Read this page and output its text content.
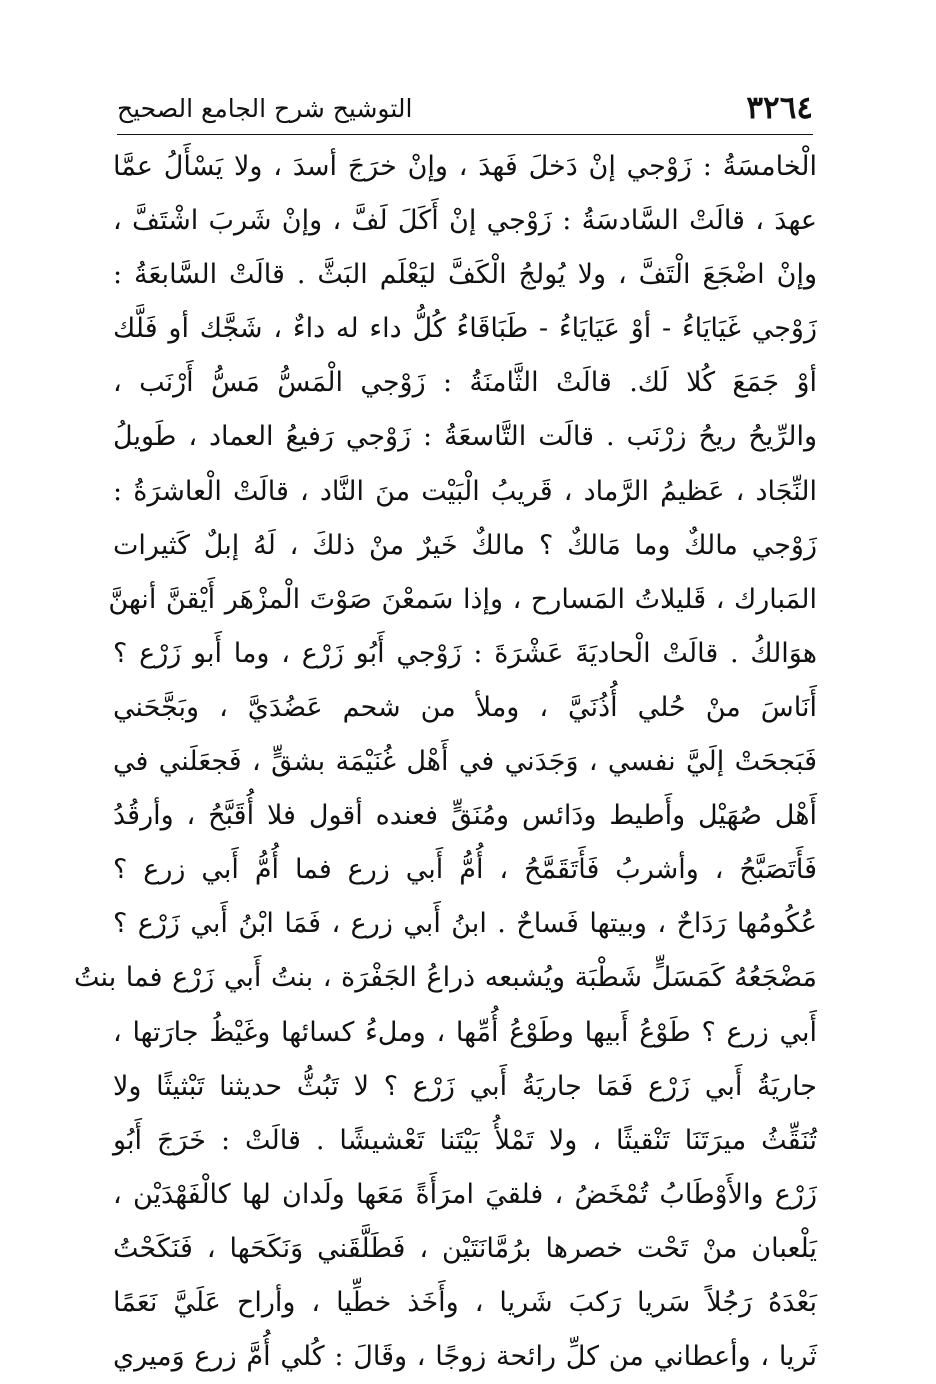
٣٢٦٤
التوشيح شرح الجامع الصحيح
الْخامسَةُ : زَوْجي إنْ دَخلَ فَهدَ ، وإنْ خرَجَ أسدَ ، ولا يَسْأَلُ عمَّا
عهدَ ، قالَتْ السَّادسَةُ : زَوْجي إنْ أَكَلَ لَفَّ ، وإنْ شَربَ اشْتَفَّ ،
وإنْ اضْجَعَ الْتَفَّ ، ولا يُولجُ الْكَفَّ ليَعْلَم البَثَّ . قالَتْ السَّابعَةُ :
زَوْجي غَيَايَاءُ - أوْ عَيَايَاءُ - طَبَاقَاءُ كُلُّ داء له داءٌ ، شَجَّك أو فَلَّك
أوْ جَمَعَ كُلا لَك. قالَتْ الثَّامنَةُ : زَوْجي الْمَسُّ مَسُّ أَرْنَب ،
والرِّيحُ ريحُ زرْنَب . قالَت التَّاسعَةُ : زَوْجي رَفيعُ العماد ، طَويلُ
النِّجَاد ، عَظيمُ الرَّماد ، قَريبُ الْبَيْت منَ النَّاد ، قالَتْ الْعاشرَةُ :
زَوْجي مالكٌ وما مَالكٌ ؟ مالكٌ خَيرٌ منْ ذلكَ ، لَهُ إبلٌ كَثيرات
المَبارك ، قَليلاتُ المَسارح ، وإذا سَمعْنَ صَوْتَ الْمزْهَر أَيْقنَّ أنهنَّ
هوَالكُ . قالَتْ الْحاديَةَ عَشْرَةَ : زَوْجي أَبُو زَرْع ، وما أَبو زَرْع ؟
أَنَاسَ منْ حُلي أُذُنَيَّ ، وملأ من شحم عَضُدَيَّ ، وبَجَّحَني
فَبَجحَتْ إلَيَّ نفسي ، وَجَدَني في أَهْل غُنَيْمَة بشقٍّ ، فَجعَلَني في
أَهْل صُهَيْل وأَطيط ودَائس ومُنَقٍّ فعنده أقول فلا أُقَبَّحُ ، وأرقُدُ
فَأَتَصَبَّحُ ، وأشربُ فَأَتَقَمَّحُ ، أُمُّ أَبي زرع فما أُمُّ أَبي زرع ؟
عُكُومُها رَدَاحٌ ، وبيتها فَساحٌ . ابنُ أَبي زرع ، فَمَا ابْنُ أَبي زَرْع ؟
مَضْجَعُهُ كَمَسَلٍّ شَطْبَة ويُشبعه ذراعُ الجَفْرَة ، بنتُ أَبي زَرْع فما بنتُ
أَبي زرع ؟ طَوْعُ أَبيها وطَوْعُ أُمِّها ، وملءُ كسائها وغَيْظُ جارَتها ،
جاريَةُ أَبي زَرْع فَمَا جاريَةُ أَبي زَرْع ؟ لا تَبُثُّ حديثنا تَبْثيثًا ولا
تُنَقِّثُ ميرَتَنَا تَنْقيثًا ، ولا تَمْلأُ بَيْتَنا تَعْشيشًا . قالَتْ : خَرَجَ أَبُو
زَرْع والأَوْطَابُ تُمْخَضُ ، فلقيَ امرَأَةً مَعَها ولَدان لها كالْفَهْدَيْن ،
يَلْعبان منْ تَحْت خصرها برُمَّانَتَيْن ، فَطَلَّقَني وَنَكَحَها ، فَنَكَحْتُ
بَعْدَهُ رَجُلاً سَريا رَكبَ شَريا ، وأَخَذ خطِّيا ، وأراح عَلَيَّ نَعَمًا
ثَريا ، وأعطاني من كلِّ رائحة زوجًا ، وقَالَ : كُلي أُمَّ زرع وَميري
